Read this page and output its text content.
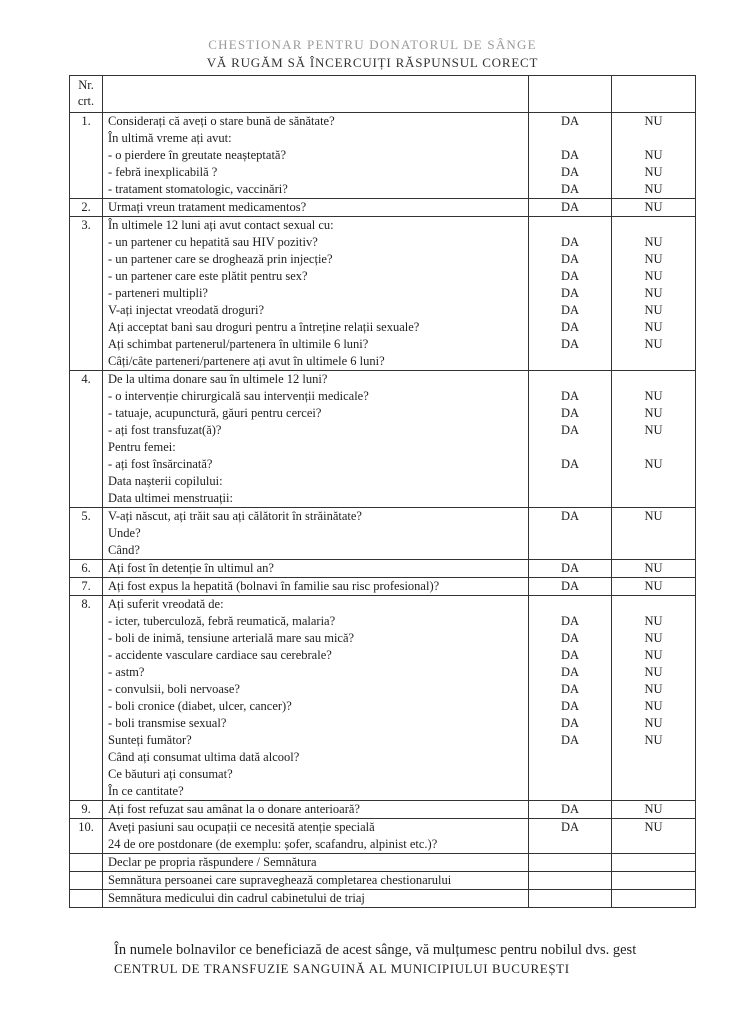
CHESTIONAR PENTRU DONATORUL DE SÂNGE
VĂ RUGĂM SĂ ÎNCERCUIȚI RĂSPUNSUL CORECT
Nr. crt.			
1.	Considerați că aveți o stare bună de sănătate?	DA	NU
	În ultimă vreme ați avut:		
	- o pierdere în greutate neașteptată?	DA	NU
	- febră inexplicabilă ?	DA	NU
	- tratament stomatologic, vaccinări?	DA	NU
2.	Urmați vreun tratament medicamentos?	DA	NU
3.	În ultimele 12 luni ați avut contact sexual cu:		
	- un partener cu hepatită sau HIV pozitiv?	DA	NU
	- un partener care se droghează prin injecție?	DA	NU
	- un partener care este plătit pentru sex?	DA	NU
	- parteneri multipli?	DA	NU
	V-ați injectat vreodată droguri?	DA	NU
	Ați acceptat bani sau droguri pentru a întreține relații sexuale?	DA	NU
	Ați schimbat partenerul/partenera în ultimile 6 luni?	DA	NU
	Câți/câte parteneri/partenere ați avut în ultimele 6 luni?		
4.	De la ultima donare sau în ultimele 12 luni?		
	- o intervenție chirurgicală sau intervenții medicale?	DA	NU
	- tatuaje, acupunctură, găuri pentru cercei?	DA	NU
	- ați fost transfuzat(ă)?	DA	NU
	Pentru femei:		
	- ați fost însărcinată?	DA	NU
	Data nașterii copilului:		
	Data ultimei menstruații:		
5.	V-ați născut, ați trăit sau ați călătorit în străinătate?	DA	NU
	Unde?		
	Când?		
6.	Ați fost în detenție în ultimul an?	DA	NU
7.	Ați fost expus la hepatită (bolnavi în familie sau risc profesional)?	DA	NU
8.	Ați suferit vreodată de:		
	- icter, tuberculoză, febră reumatică, malaria?	DA	NU
	- boli de inimă, tensiune arterială mare sau mică?	DA	NU
	- accidente vasculare cardiace sau cerebrale?	DA	NU
	- astm?	DA	NU
	- convulsii, boli nervoase?	DA	NU
	- boli cronice (diabet, ulcer, cancer)?	DA	NU
	- boli transmise sexual?	DA	NU
	Sunteți fumător?	DA	NU
	Când ați consumat ultima dată alcool?		
	Ce băuturi ați consumat?		
	În ce cantitate?		

9.	Ați fost refuzat sau amânat la o donare anterioară?	DA	NU
10.	Aveți pasiuni sau ocupații ce necesită atenție specială	DA	NU
	24 de ore postdonare (de exemplu: șofer, scafandru, alpinist etc.)?		
	Declar pe propria răspundere / Semnătura		
	Semnătura persoanei care supraveghează completarea chestionarului		
	Semnătura medicului din cadrul cabinetului de triaj		
În numele bolnavilor ce beneficiază de acest sânge, vă mulțumesc pentru nobilul dvs. gest
CENTRUL DE TRANSFUZIE SANGUINĂ AL MUNICIPIULUI BUCUREȘTI
